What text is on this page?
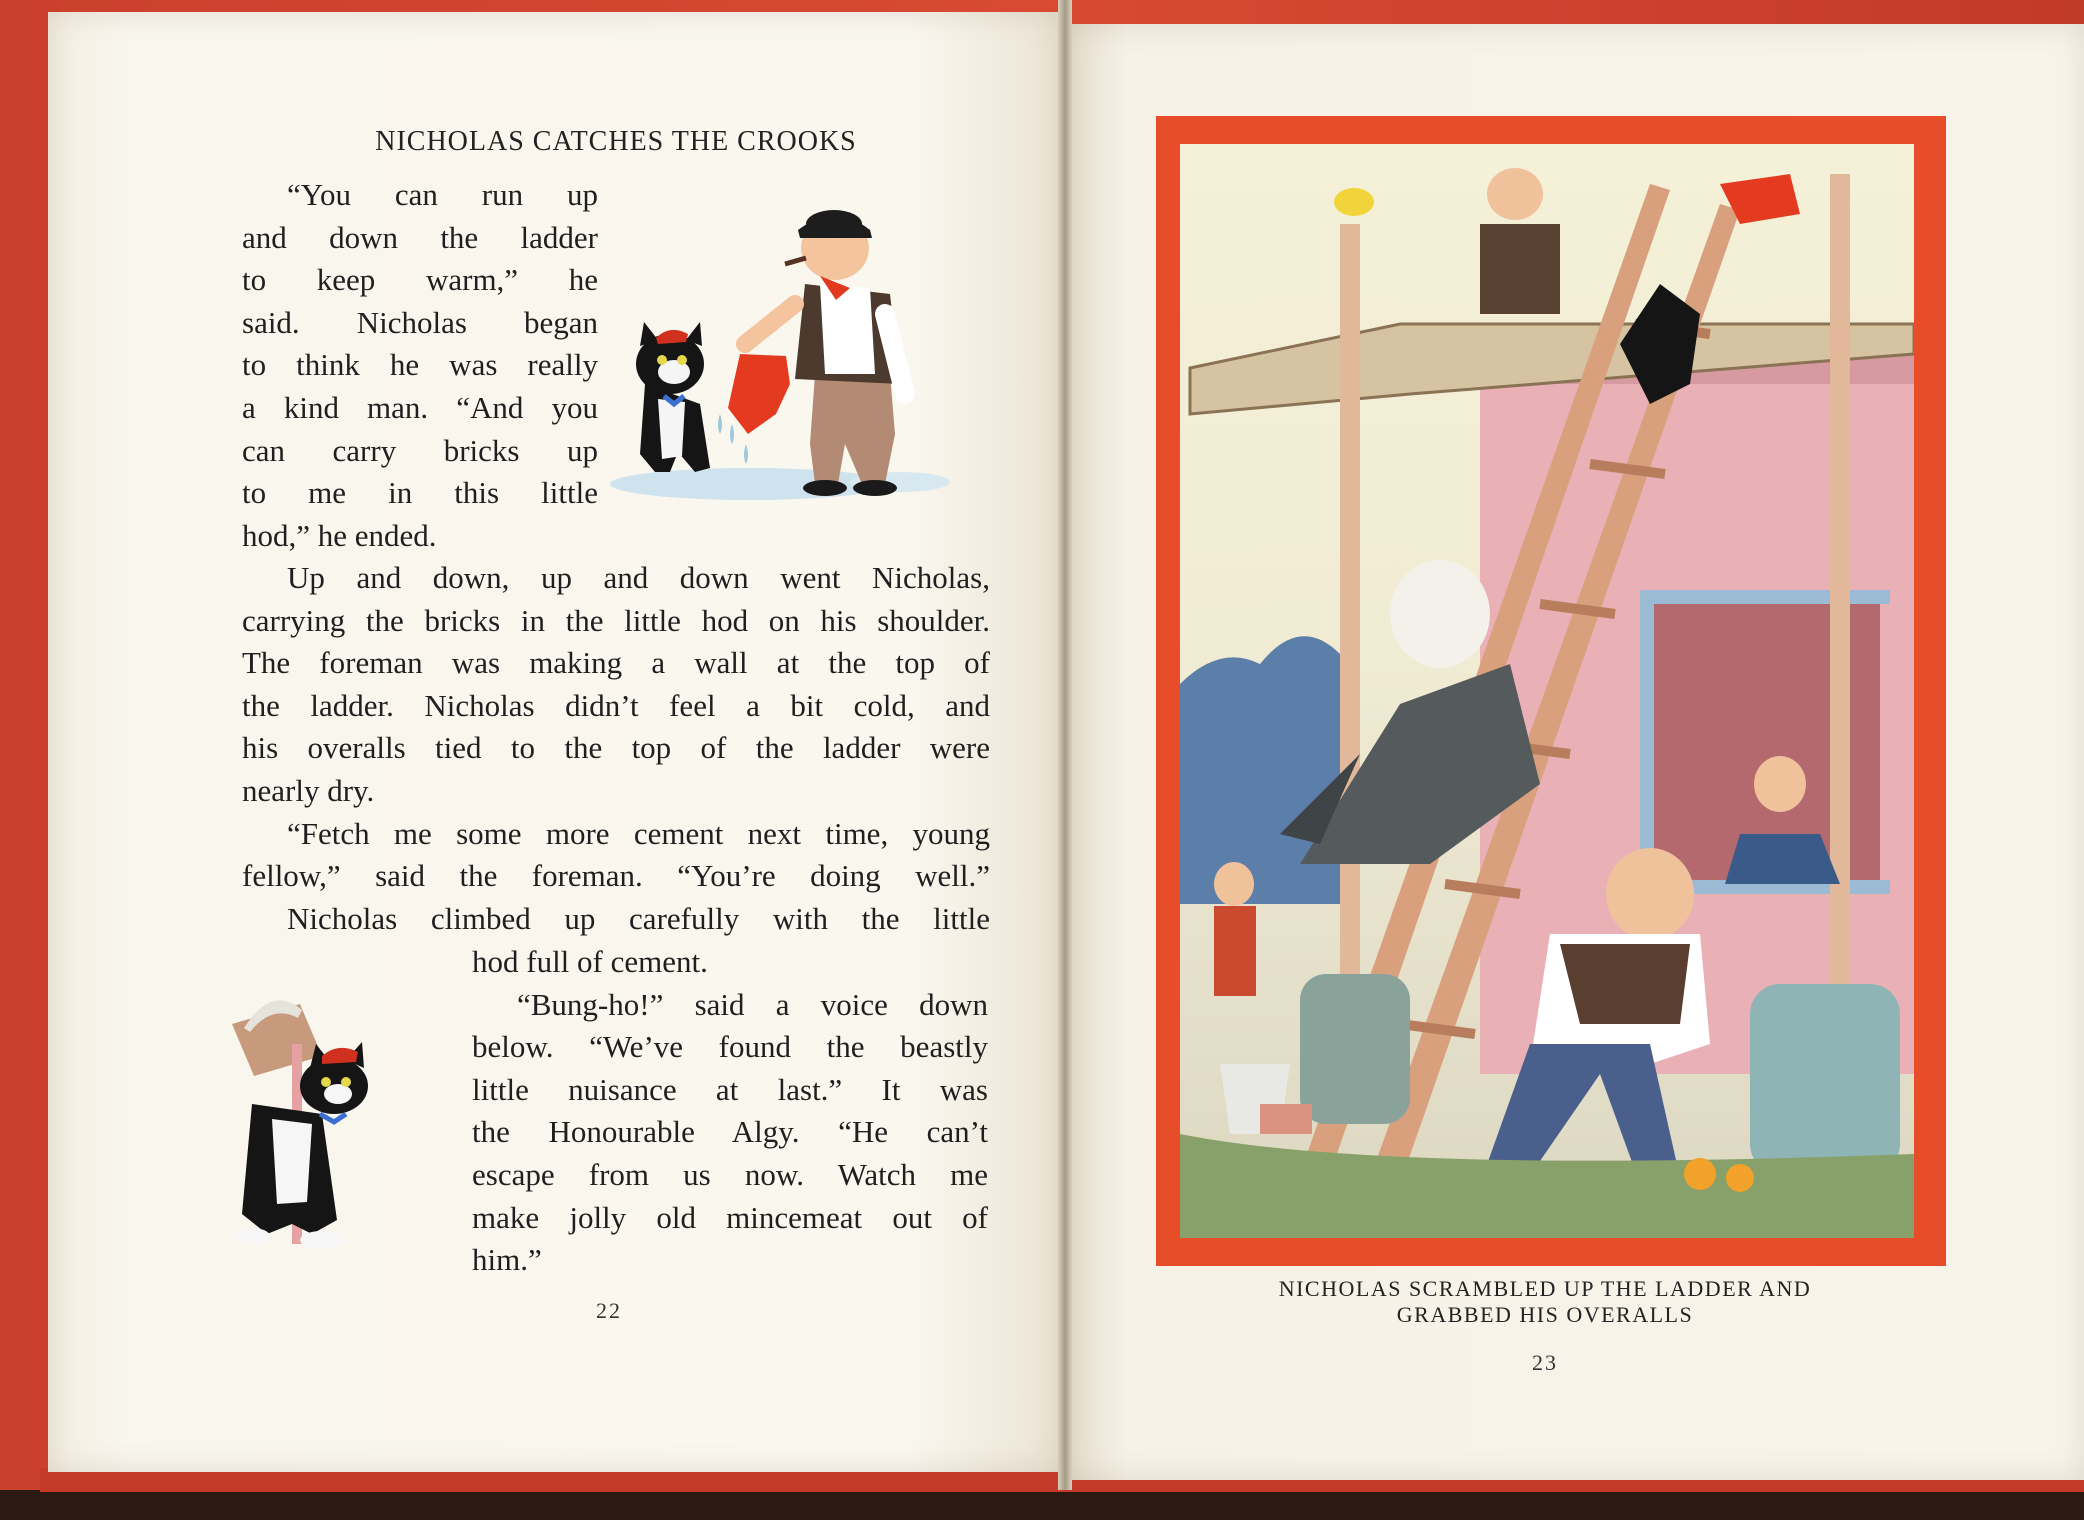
NICHOLAS CATCHES THE CROOKS
“You can run up
and down the ladder
to keep warm,” he
said. Nicholas began
to think he was really
a kind man. “And you
can carry bricks up
to me in this little
hod,” he ended.
Up and down, up and down went Nicholas,
carrying the bricks in the little hod on his shoulder.
The foreman was making a wall at the top of
the ladder. Nicholas didn’t feel a bit cold, and
his overalls tied to the top of the ladder were
nearly dry.
“Fetch me some more cement next time, young
fellow,” said the foreman. “You’re doing well.”
Nicholas climbed up carefully with the little
hod full of cement.
“Bung-ho!” said a voice down
below. “We’ve found the beastly
little nuisance at last.” It was
the Honourable Algy. “He can’t
escape from us now. Watch me
make jolly old mincemeat out of
him.”
22
NICHOLAS SCRAMBLED UP THE LADDER AND
GRABBED HIS OVERALLS
23
